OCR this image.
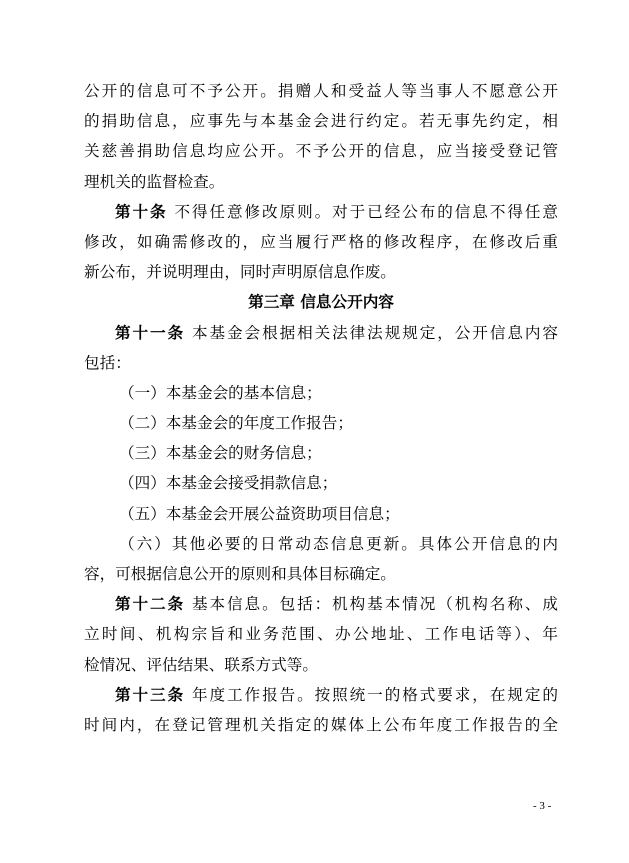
公开的信息可不予公开。捐赠人和受益人等当事人不愿意公开
的捐助信息，应事先与本基金会进行约定。若无事先约定，相
关慈善捐助信息均应公开。不予公开的信息，应当接受登记管
理机关的监督检查。
第十条 不得任意修改原则。对于已经公布的信息不得任意
修改，如确需修改的，应当履行严格的修改程序，在修改后重
新公布，并说明理由，同时声明原信息作废。
第三章 信息公开内容
第十一条 本基金会根据相关法律法规规定，公开信息内容
包括：
（一）本基金会的基本信息；
（二）本基金会的年度工作报告；
（三）本基金会的财务信息；
（四）本基金会接受捐款信息；
（五）本基金会开展公益资助项目信息；
（六）其他必要的日常动态信息更新。具体公开信息的内
容，可根据信息公开的原则和具体目标确定。
第十二条 基本信息。包括：机构基本情况（机构名称、成
立时间、机构宗旨和业务范围、办公地址、工作电话等）、年
检情况、评估结果、联系方式等。
第十三条 年度工作报告。按照统一的格式要求，在规定的
时间内，在登记管理机关指定的媒体上公布年度工作报告的全
- 3 -
